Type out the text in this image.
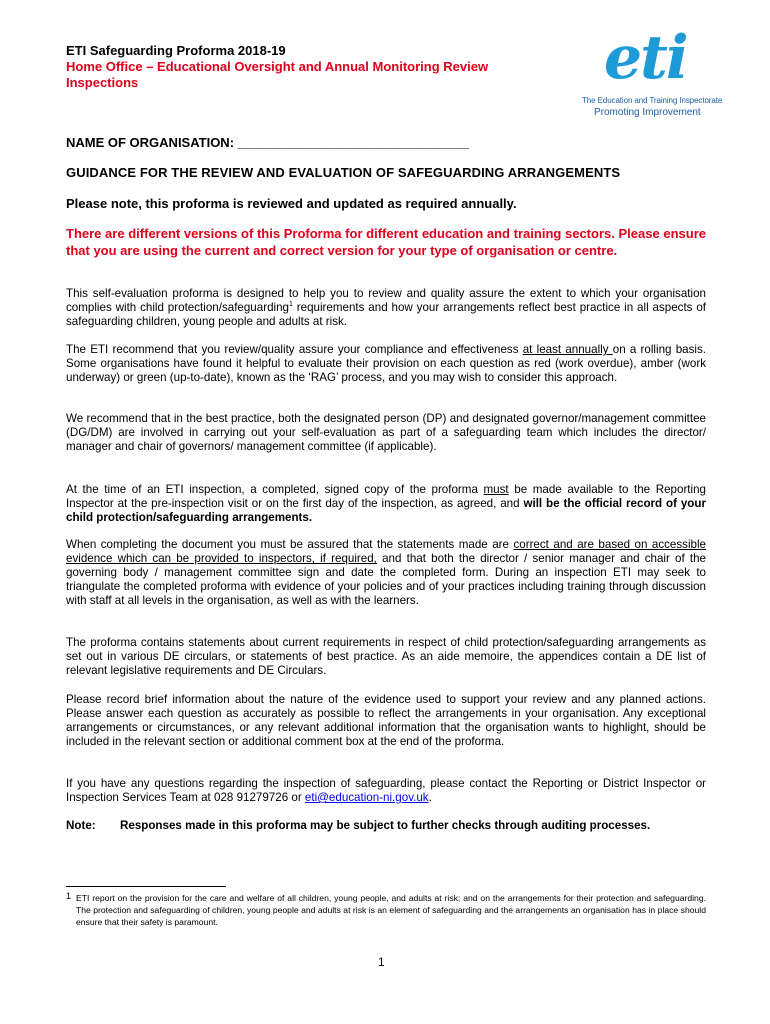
ETI Safeguarding Proforma 2018-19
Home Office – Educational Oversight and Annual Monitoring Review Inspections	eti
The Education and Training Inspectorate
Promoting Improvement
NAME OF ORGANISATION: ________________________________
GUIDANCE FOR THE REVIEW AND EVALUATION OF SAFEGUARDING ARRANGEMENTS
Please note, this proforma is reviewed and updated as required annually.
There are different versions of this Proforma for different education and training sectors. Please ensure that you are using the current and correct version for your type of organisation or centre.
This self-evaluation proforma is designed to help you to review and quality assure the extent to which your organisation complies with child protection/safeguarding$^1$ requirements and how your arrangements reflect best practice in all aspects of safeguarding children, young people and adults at risk.
The ETI recommend that you review/quality assure your compliance and effectiveness at least annually on a rolling basis. Some organisations have found it helpful to evaluate their provision on each question as red (work overdue), amber (work underway) or green (up-to-date), known as the ‘RAG’ process, and you may wish to consider this approach.
We recommend that in the best practice, both the designated person (DP) and designated governor/management committee (DG/DM) are involved in carrying out your self-evaluation as part of a safeguarding team which includes the director/ manager and chair of governors/ management committee (if applicable).
At the time of an ETI inspection, a completed, signed copy of the proforma must be made available to the Reporting Inspector at the pre-inspection visit or on the first day of the inspection, as agreed, and will be the official record of your child protection/safeguarding arrangements.
When completing the document you must be assured that the statements made are correct and are based on accessible evidence which can be provided to inspectors, if required, and that both the director / senior manager and chair of the governing body / management committee sign and date the completed form. During an inspection ETI may seek to triangulate the completed proforma with evidence of your policies and of your practices including training through discussion with staff at all levels in the organisation, as well as with the learners.
The proforma contains statements about current requirements in respect of child protection/safeguarding arrangements as set out in various DE circulars, or statements of best practice. As an aide memoire, the appendices contain a DE list of relevant legislative requirements and DE Circulars.
Please record brief information about the nature of the evidence used to support your review and any planned actions. Please answer each question as accurately as possible to reflect the arrangements in your organisation. Any exceptional arrangements or circumstances, or any relevant additional information that the organisation wants to highlight, should be included in the relevant section or additional comment box at the end of the proforma.
If you have any questions regarding the inspection of safeguarding, please contact the Reporting or District Inspector or Inspection Services Team at 028 91279726 or eti@education-ni.gov.uk.
Note: Responses made in this proforma may be subject to further checks through auditing processes.
1 ETI report on the provision for the care and welfare of all children, young people, and adults at risk; and on the arrangements for their protection and safeguarding. The protection and safeguarding of children, young people and adults at risk is an element of safeguarding and the arrangements an organisation has in place should ensure that their safety is paramount.
1
